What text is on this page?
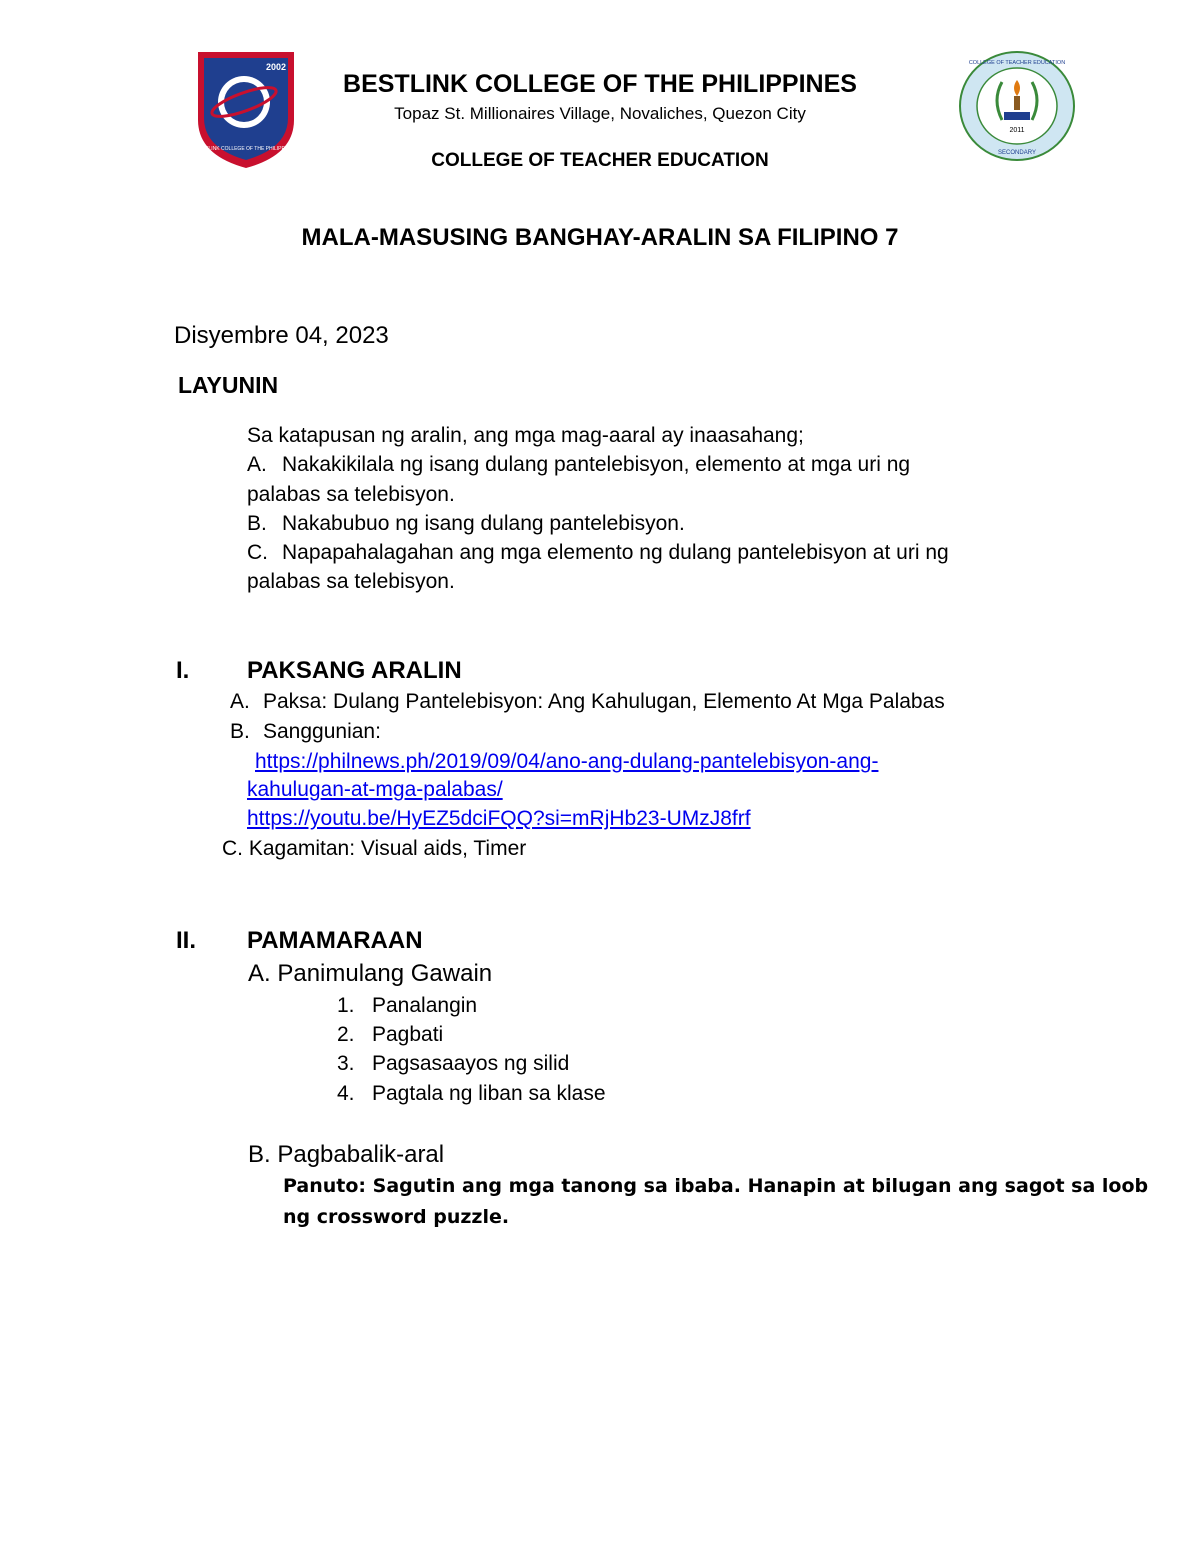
2002
BESTLINK COLLEGE OF THE PHILIPPINES
2011
COLLEGE OF TEACHER EDUCATION
SECONDARY
BESTLINK COLLEGE OF THE PHILIPPINES
Topaz St. Millionaires Village, Novaliches, Quezon City
COLLEGE OF TEACHER EDUCATION
MALA-MASUSING BANGHAY-ARALIN SA FILIPINO 7
Disyembre 04, 2023
LAYUNIN
Sa katapusan ng aralin, ang mga mag-aaral ay inaasahang;
A. Nakakikilala ng isang dulang pantelebisyon, elemento at mga uri ng
palabas sa telebisyon.
B. Nakabubuo ng isang dulang pantelebisyon.
C. Napapahalagahan ang mga elemento ng dulang pantelebisyon at uri ng
palabas sa telebisyon.
I. PAKSANG ARALIN
A. Paksa: Dulang Pantelebisyon: Ang Kahulugan, Elemento At Mga Palabas
B. Sanggunian:
https://philnews.ph/2019/09/04/ano-ang-dulang-pantelebisyon-ang-
kahulugan-at-mga-palabas/
https://youtu.be/HyEZ5dciFQQ?si=mRjHb23-UMzJ8frf
C. Kagamitan: Visual aids, Timer
II. PAMAMARAAN
A. Panimulang Gawain
1. Panalangin
2. Pagbati
3. Pagsasaayos ng silid
4. Pagtala ng liban sa klase
B. Pagbabalik-aral
Panuto: Sagutin ang mga tanong sa ibaba. Hanapin at bilugan ang sagot sa loob
ng crossword puzzle.
